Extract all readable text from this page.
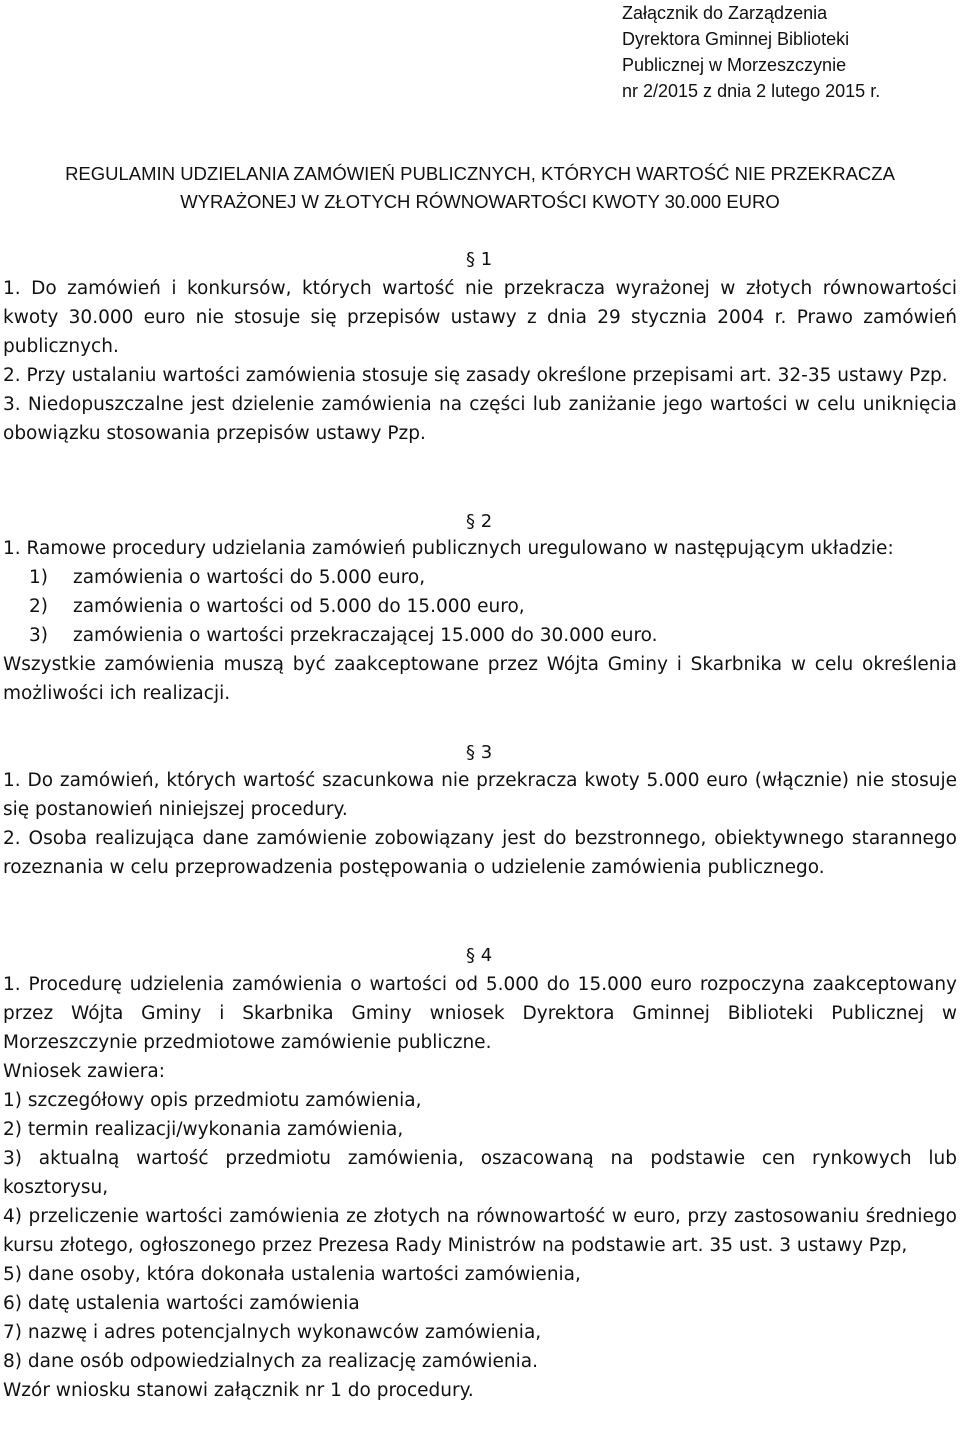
Załącznik do Zarządzenia
Dyrektora Gminnej Biblioteki
Publicznej w Morzeszczynie
nr 2/2015 z dnia 2 lutego 2015 r.
REGULAMIN UDZIELANIA ZAMÓWIEŃ PUBLICZNYCH, KTÓRYCH WARTOŚĆ NIE PRZEKRACZA
WYRAŻONEJ W ZŁOTYCH RÓWNOWARTOŚCI KWOTY 30.000 EURO
§ 1

1. Do zamówień i konkursów, których wartość nie przekracza wyrażonej w złotych równowartości kwoty 30.000 euro nie stosuje się przepisów ustawy z dnia 29 stycznia 2004 r. Prawo zamówień publicznych.

2. Przy ustalaniu wartości zamówienia stosuje się zasady określone przepisami art. 32-35 ustawy Pzp.

3. Niedopuszczalne jest dzielenie zamówienia na części lub zaniżanie jego wartości w celu uniknięcia obowiązku stosowania przepisów ustawy Pzp.

§ 2

1. Ramowe procedury udzielania zamówień publicznych uregulowano w następującym układzie:

1) zamówienia o wartości do 5.000 euro,
2) zamówienia o wartości od 5.000 do 15.000 euro,
3) zamówienia o wartości przekraczającej 15.000 do 30.000 euro.

Wszystkie zamówienia muszą być zaakceptowane przez Wójta Gminy i Skarbnika w celu określenia możliwości ich realizacji.

§ 3

1. Do zamówień, których wartość szacunkowa nie przekracza kwoty 5.000 euro (włącznie) nie stosuje się postanowień niniejszej procedury.

2. Osoba realizująca dane zamówienie zobowiązany jest do bezstronnego, obiektywnego starannego rozeznania w celu przeprowadzenia postępowania o udzielenie zamówienia publicznego.

§ 4

1. Procedurę udzielenia zamówienia o wartości od 5.000 do 15.000 euro rozpoczyna zaakceptowany przez Wójta Gminy i Skarbnika Gminy wniosek Dyrektora Gminnej Biblioteki Publicznej w Morzeszczynie przedmiotowe zamówienie publiczne.

Wniosek zawiera:

1) szczegółowy opis przedmiotu zamówienia,

2) termin realizacji/wykonania zamówienia,

3) aktualną wartość przedmiotu zamówienia, oszacowaną na podstawie cen rynkowych lub kosztorysu,

4) przeliczenie wartości zamówienia ze złotych na równowartość w euro, przy zastosowaniu średniego kursu złotego, ogłoszonego przez Prezesa Rady Ministrów na podstawie art. 35 ust. 3 ustawy Pzp,

5) dane osoby, która dokonała ustalenia wartości zamówienia,

6) datę ustalenia wartości zamówienia

7) nazwę i adres potencjalnych wykonawców zamówienia,

8) dane osób odpowiedzialnych za realizację zamówienia.

Wzór wniosku stanowi załącznik nr 1 do procedury.
